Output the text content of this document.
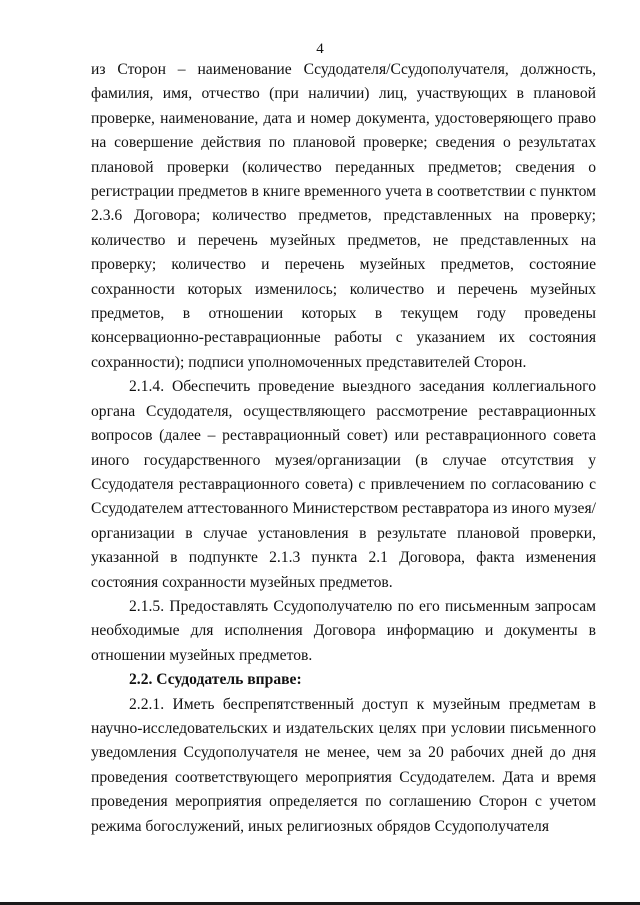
4

из Сторон – наименование Ссудодателя/Ссудополучателя, должность, фамилия, имя, отчество (при наличии) лиц, участвующих в плановой проверке, наименование, дата и номер документа, удостоверяющего право на совершение действия по плановой проверке; сведения о результатах плановой проверки (количество переданных предметов; сведения о регистрации предметов в книге временного учета в соответствии с пунктом 2.3.6 Договора; количество предметов, представленных на проверку; количество и перечень музейных предметов, не представленных на проверку; количество и перечень музейных предметов, состояние сохранности которых изменилось; количество и перечень музейных предметов, в отношении которых в текущем году проведены консервационно-реставрационные работы с указанием их состояния сохранности); подписи уполномоченных представителей Сторон.

2.1.4. Обеспечить проведение выездного заседания коллегиального органа Ссудодателя, осуществляющего рассмотрение реставрационных вопросов (далее – реставрационный совет) или реставрационного совета иного государственного музея/организации (в случае отсутствия у Ссудодателя реставрационного совета) с привлечением по согласованию с Ссудодателем аттестованного Министерством реставратора из иного музея/организации в случае установления в результате плановой проверки, указанной в подпункте 2.1.3 пункта 2.1 Договора, факта изменения состояния сохранности музейных предметов.

2.1.5. Предоставлять Ссудополучателю по его письменным запросам необходимые для исполнения Договора информацию и документы в отношении музейных предметов.

2.2. Ссудодатель вправе:

2.2.1. Иметь беспрепятственный доступ к музейным предметам в научно-исследовательских и издательских целях при условии письменного уведомления Ссудополучателя не менее, чем за 20 рабочих дней до дня проведения соответствующего мероприятия Ссудодателем. Дата и время проведения мероприятия определяется по соглашению Сторон с учетом режима богослужений, иных религиозных обрядов Ссудополучателя
